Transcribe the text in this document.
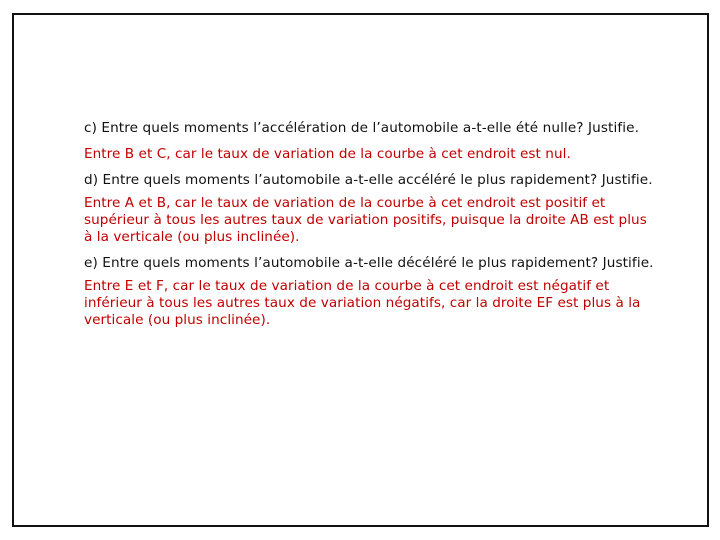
c) Entre quels moments l’accélération de l’automobile a-t-elle été nulle? Justifie.

Entre B et C, car le taux de variation de la courbe à cet endroit est nul.

d) Entre quels moments l’automobile a-t-elle accéléré le plus rapidement? Justifie.

Entre A et B, car le taux de variation de la courbe à cet endroit est positif et supérieur à tous les autres taux de variation positifs, puisque la droite AB est plus à la verticale (ou plus inclinée).

e) Entre quels moments l’automobile a-t-elle décéléré le plus rapidement? Justifie.

Entre E et F, car le taux de variation de la courbe à cet endroit est négatif et inférieur à tous les autres taux de variation négatifs, car la droite EF est plus à la verticale (ou plus inclinée).
